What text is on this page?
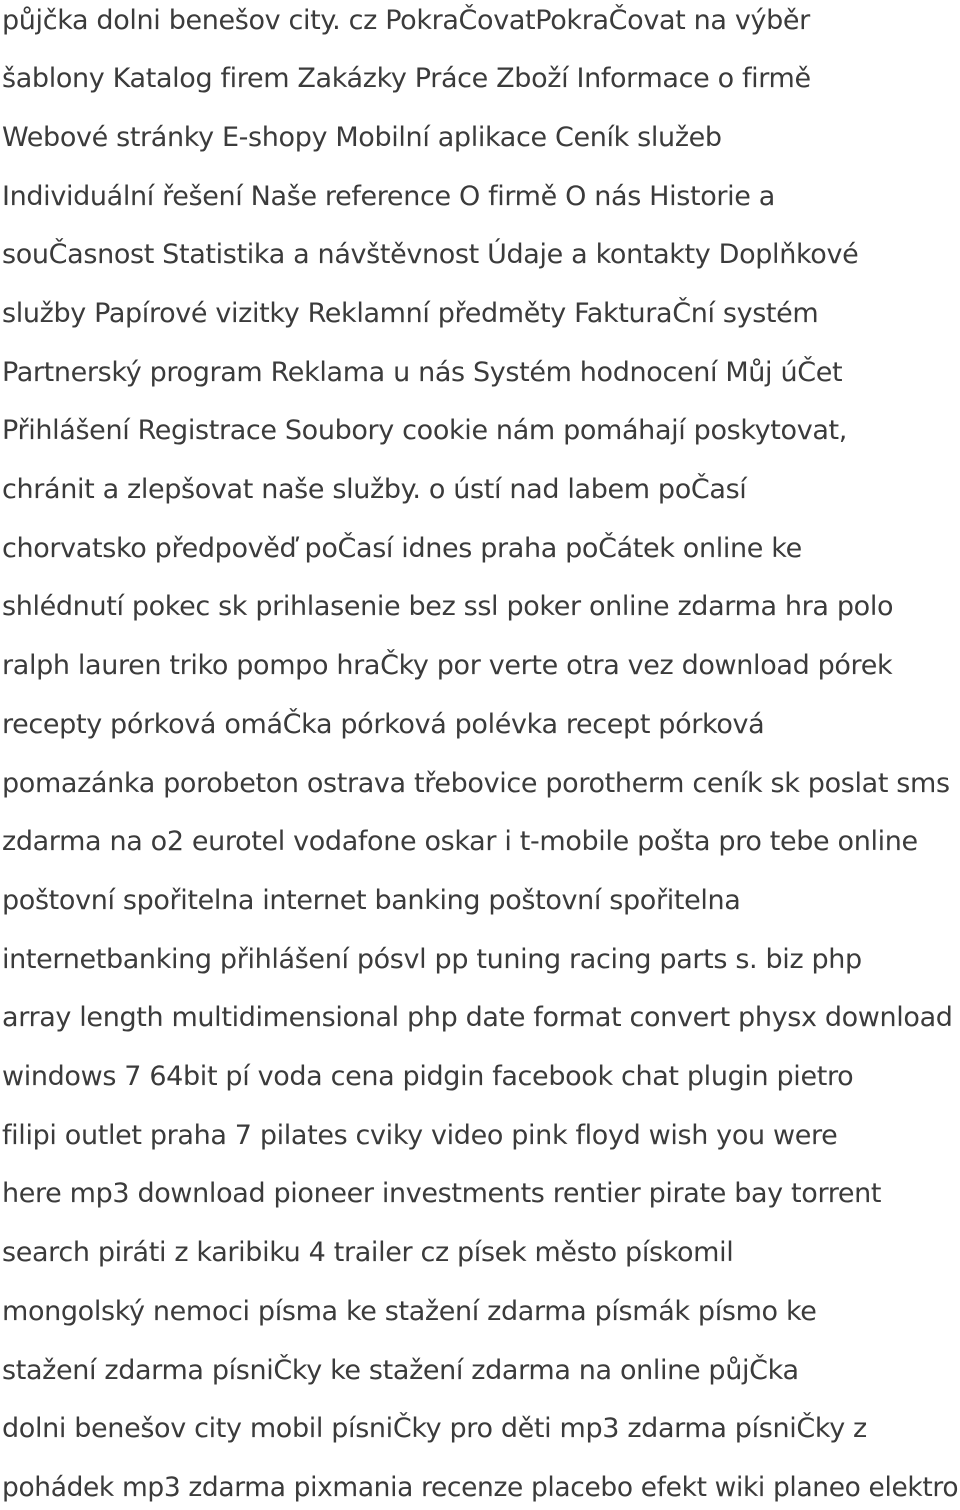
půjčka dolni benešov city. cz PokraČovatPokraČovat na výběr
šablony Katalog firem Zakázky Práce Zboží Informace o firmě
Webové stránky E-shopy Mobilní aplikace Ceník služeb
Individuální řešení Naše reference O firmě O nás Historie a
souČasnost Statistika a návštěvnost Údaje a kontakty Doplňkové
služby Papírové vizitky Reklamní předměty FakturaČní systém
Partnerský program Reklama u nás Systém hodnocení Můj úČet
Přihlášení Registrace Soubory cookie nám pomáhají poskytovat,
chránit a zlepšovat naše služby. o ústí nad labem poČasí
chorvatsko předpověď poČasí idnes praha poČátek online ke
shlédnutí pokec sk prihlasenie bez ssl poker online zdarma hra polo
ralph lauren triko pompo hraČky por verte otra vez download pórek
recepty pórková omáČka pórková polévka recept pórková
pomazánka porobeton ostrava třebovice porotherm ceník sk poslat sms
zdarma na o2 eurotel vodafone oskar i t-mobile pošta pro tebe online
poštovní spořitelna internet banking poštovní spořitelna
internetbanking přihlášení pósvl pp tuning racing parts s. biz php
array length multidimensional php date format convert physx download
windows 7 64bit pí voda cena pidgin facebook chat plugin pietro
filipi outlet praha 7 pilates cviky video pink floyd wish you were
here mp3 download pioneer investments rentier pirate bay torrent
search piráti z karibiku 4 trailer cz písek město pískomil
mongolský nemoci písma ke stažení zdarma písmák písmo ke
stažení zdarma písniČky ke stažení zdarma na online půjČka
dolni benešov city mobil písniČky pro děti mp3 zdarma písniČky z
pohádek mp3 zdarma pixmania recenze placebo efekt wiki planeo elektro
